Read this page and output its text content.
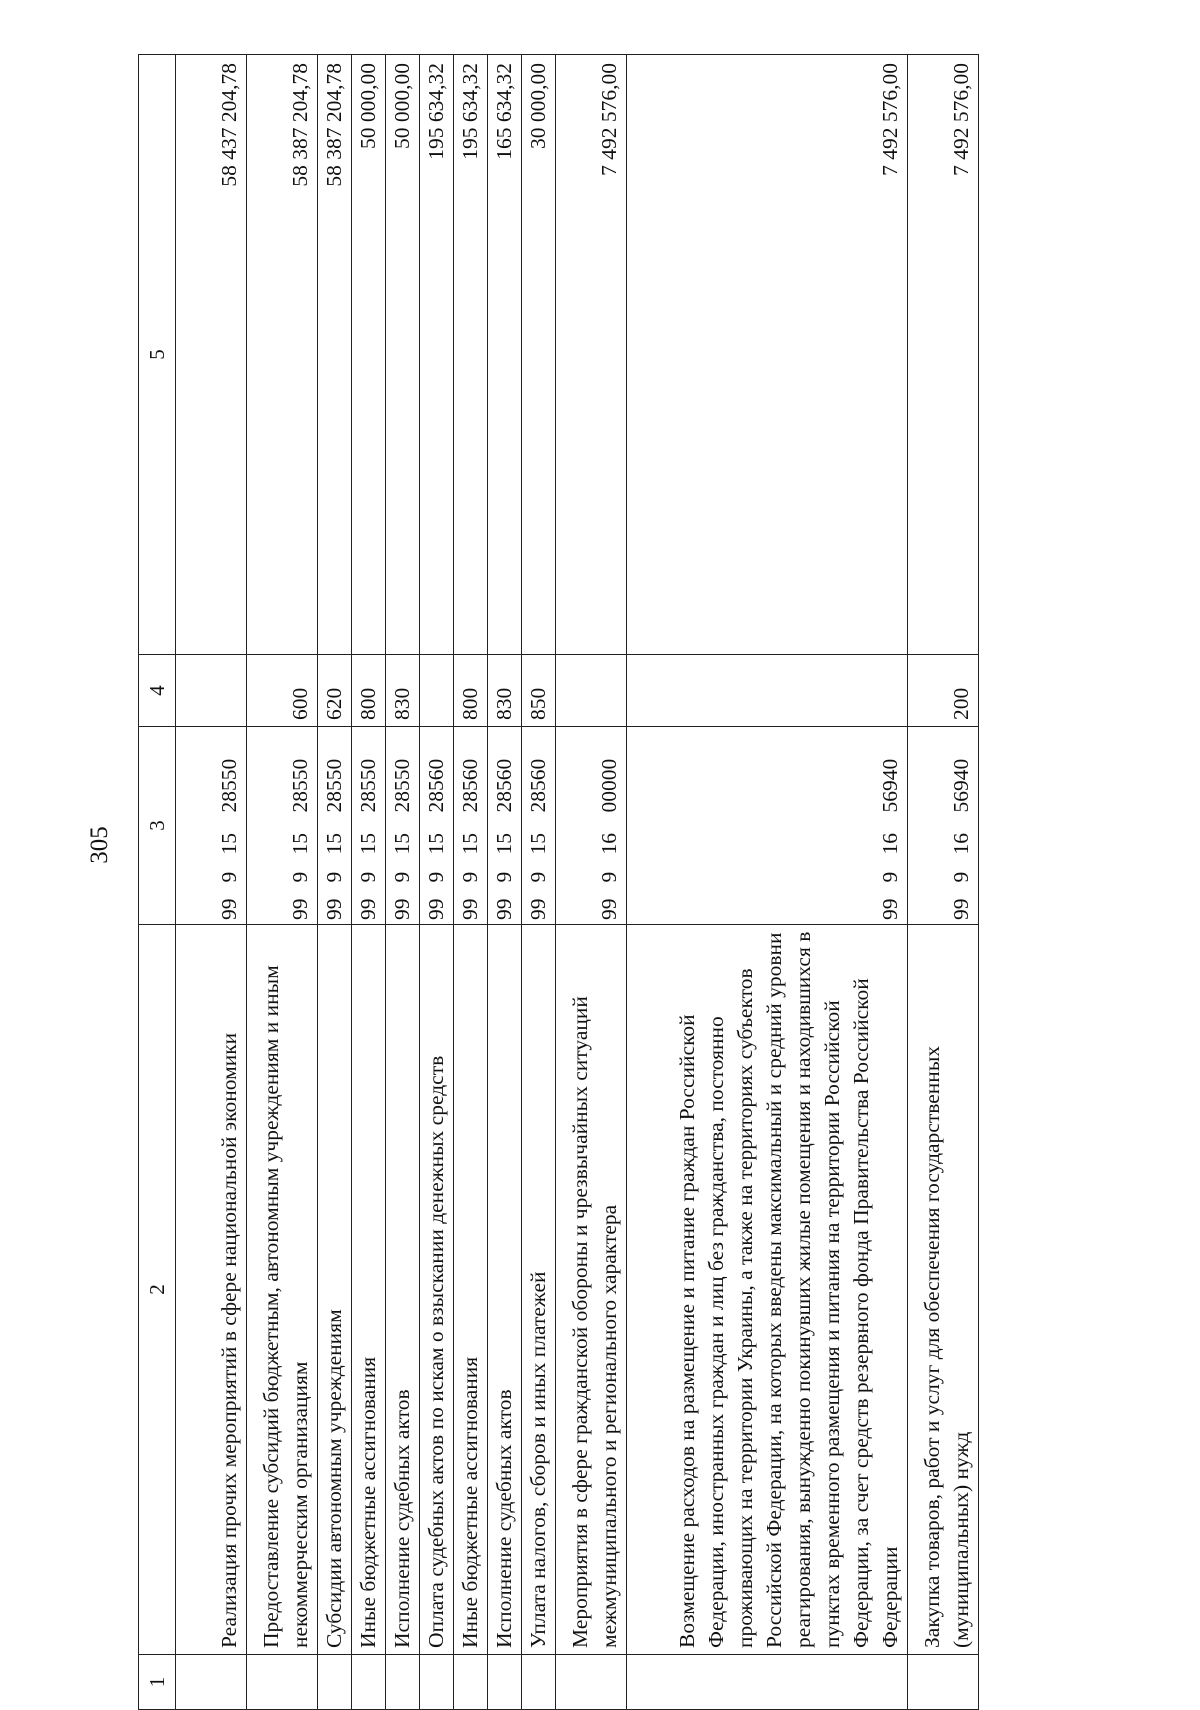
305
1	2	3				4	5
	Реализация прочих мероприятий в сфере национальной экономики	99	9	15	28550		58 437 204,78
	Предоставление субсидий бюджетным, автономным учреждениям и иным некоммерческим организациям	99	9	15	28550	600	58 387 204,78
	Субсидии автономным учреждениям	99	9	15	28550	620	58 387 204,78
	Иные бюджетные ассигнования	99	9	15	28550	800	50 000,00
	Исполнение судебных актов	99	9	15	28550	830	50 000,00
	Оплата судебных актов по искам о взыскании денежных средств	99	9	15	28560		195 634,32
	Иные бюджетные ассигнования	99	9	15	28560	800	195 634,32
	Исполнение судебных актов	99	9	15	28560	830	165 634,32
	Уплата налогов, сборов и иных платежей	99	9	15	28560	850	30 000,00
	Мероприятия в сфере гражданской обороны и чрезвычайных ситуаций межмуниципального и регионального характера	99	9	16	00000		7 492 576,00
	Возмещение расходов на размещение и питание граждан Российской Федерации, иностранных граждан и лиц без гражданства, постоянно проживающих на территории Украины, а также на территориях субъектов Российской Федерации, на которых введены максимальный и средний уровни реагирования, вынужденно покинувших жилые помещения и находившихся в пунктах временного размещения и питания на территории Российской Федерации, за счет средств резервного фонда Правительства Российской Федерации	99	9	16	56940		7 492 576,00
	Закупка товаров, работ и услуг для обеспечения государственных (муниципальных) нужд	99	9	16	56940	200	7 492 576,00
